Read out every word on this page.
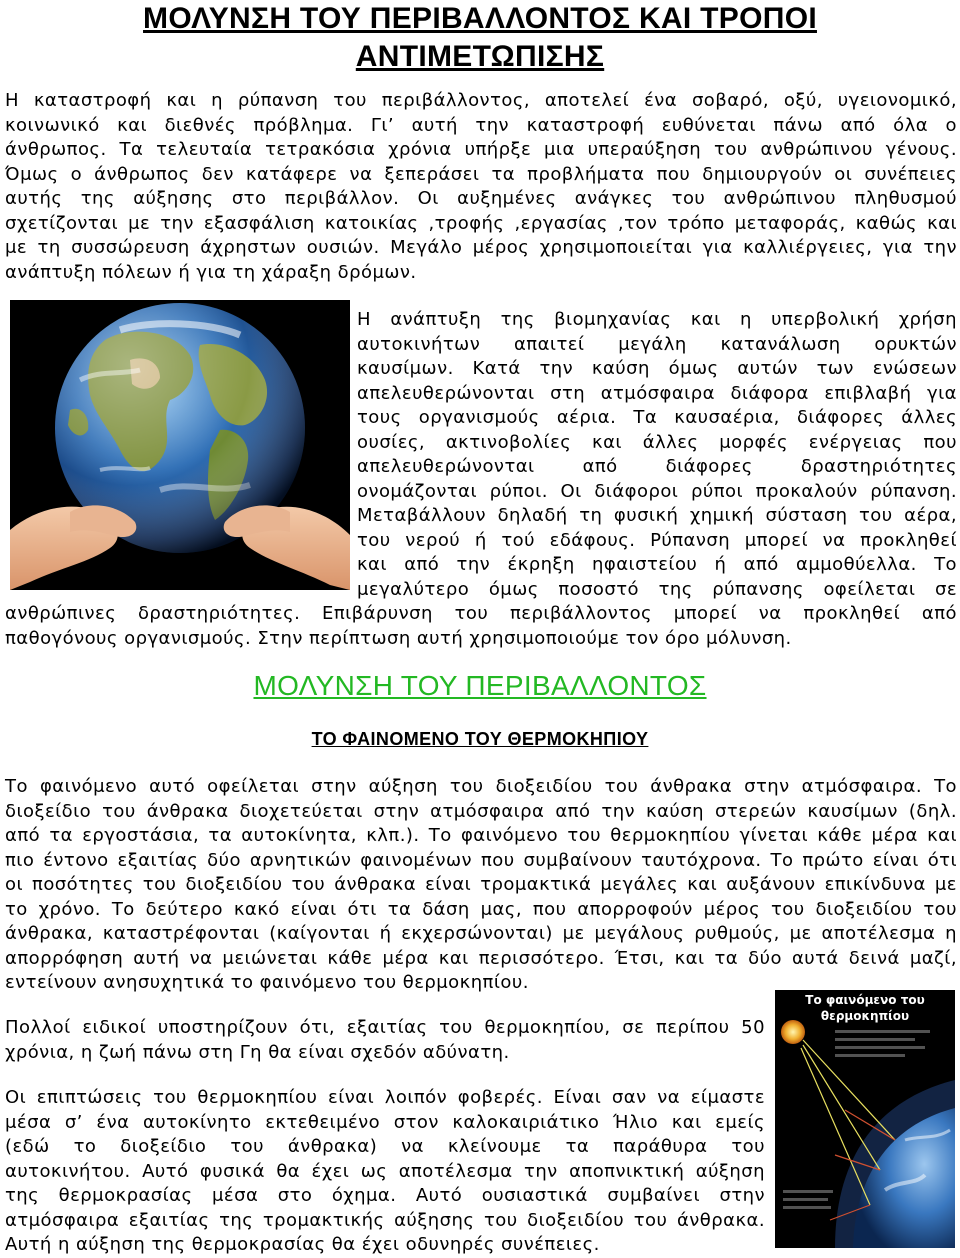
ΜΟΛΥΝΣΗ ΤΟΥ ΠΕΡΙΒΑΛΛΟΝΤΟΣ ΚΑΙ ΤΡΟΠΟΙ
ΑΝΤΙΜΕΤΩΠΙΣΗΣ
Η καταστροφή και η ρύπανση του περιβάλλοντος, αποτελεί ένα σοβαρό, οξύ, υγειονομικό,
κοινωνικό και διεθνές πρόβλημα. Γι’ αυτή την καταστροφή ευθύνεται πάνω από όλα ο
άνθρωπος. Τα τελευταία τετρακόσια χρόνια υπήρξε μια υπεραύξηση του ανθρώπινου γένους.
Όμως ο άνθρωπος δεν κατάφερε να ξεπεράσει τα προβλήματα που δημιουργούν οι συνέπειες
αυτής της αύξησης στο περιβάλλον. Οι αυξημένες ανάγκες του ανθρώπινου πληθυσμού
σχετίζονται με την εξασφάλιση κατοικίας ,τροφής ,εργασίας ,τον τρόπο μεταφοράς, καθώς και
με τη συσσώρευση άχρηστων ουσιών. Μεγάλο μέρος χρησιμοποιείται για καλλιέργειες, για την
ανάπτυξη πόλεων ή για τη χάραξη δρόμων.
Η ανάπτυξη της βιομηχανίας και η υπερβολική χρήση
αυτοκινήτων απαιτεί μεγάλη κατανάλωση ορυκτών
καυσίμων. Κατά την καύση όμως αυτών των ενώσεων
απελευθερώνονται στη ατμόσφαιρα διάφορα επιβλαβή για
τους οργανισμούς αέρια. Τα καυσαέρια, διάφορες άλλες
ουσίες, ακτινοβολίες και άλλες μορφές ενέργειας που
απελευθερώνονται από διάφορες δραστηριότητες
ονομάζονται ρύποι. Οι διάφοροι ρύποι προκαλούν ρύπανση.
Μεταβάλλουν δηλαδή τη φυσική χημική σύσταση του αέρα,
του νερού ή τού εδάφους. Ρύπανση μπορεί να προκληθεί
και από την έκρηξη ηφαιστείου ή από αμμοθύελλα. Το
μεγαλύτερο όμως ποσοστό της ρύπανσης οφείλεται σε
ανθρώπινες δραστηριότητες. Επιβάρυνση του περιβάλλοντος μπορεί να προκληθεί από
παθογόνους οργανισμούς. Στην περίπτωση αυτή χρησιμοποιούμε τον όρο μόλυνση.
ΜΟΛΥΝΣΗ ΤΟΥ ΠΕΡΙΒΑΛΛΟΝΤΟΣ
ΤΟ ΦΑΙΝΟΜΕΝΟ ΤΟΥ ΘΕΡΜΟΚΗΠΙΟΥ
Το φαινόμενο αυτό οφείλεται στην αύξηση του διοξειδίου του άνθρακα στην ατμόσφαιρα. Το
διοξείδιο του άνθρακα διοχετεύεται στην ατμόσφαιρα από την καύση στερεών καυσίμων (δηλ.
από τα εργοστάσια, τα αυτοκίνητα, κλπ.). Το φαινόμενο του θερμοκηπίου γίνεται κάθε μέρα και
πιο έντονο εξαιτίας δύο αρνητικών φαινομένων που συμβαίνουν ταυτόχρονα. Το πρώτο είναι ότι
οι ποσότητες του διοξειδίου του άνθρακα είναι τρομακτικά μεγάλες και αυξάνουν επικίνδυνα με
το χρόνο. Το δεύτερο κακό είναι ότι τα δάση μας, που απορροφούν μέρος του διοξειδίου του
άνθρακα, καταστρέφονται (καίγονται ή εκχερσώνονται) με μεγάλους ρυθμούς, με αποτέλεσμα η
απορρόφηση αυτή να μειώνεται κάθε μέρα και περισσότερο. Έτσι, και τα δύο αυτά δεινά μαζί,
εντείνουν ανησυχητικά το φαινόμενο του θερμοκηπίου.
Πολλοί ειδικοί υποστηρίζουν ότι, εξαιτίας του θερμοκηπίου, σε περίπου 50
χρόνια, η ζωή πάνω στη Γη θα είναι σχεδόν αδύνατη.
Οι επιπτώσεις του θερμοκηπίου είναι λοιπόν φοβερές. Είναι σαν να είμαστε
μέσα σ’ ένα αυτοκίνητο εκτεθειμένο στον καλοκαιριάτικο Ήλιο και εμείς
(εδώ το διοξείδιο του άνθρακα) να κλείνουμε τα παράθυρα του
αυτοκινήτου. Αυτό φυσικά θα έχει ως αποτέλεσμα την αποπνικτική αύξηση
της θερμοκρασίας μέσα στο όχημα. Αυτό ουσιαστικά συμβαίνει στην
ατμόσφαιρα εξαιτίας της τρομακτικής αύξησης του διοξειδίου του άνθρακα.
Αυτή η αύξηση της θερμοκρασίας θα έχει οδυνηρές συνέπειες.
Το φαινόμενο του θερμοκηπίου
